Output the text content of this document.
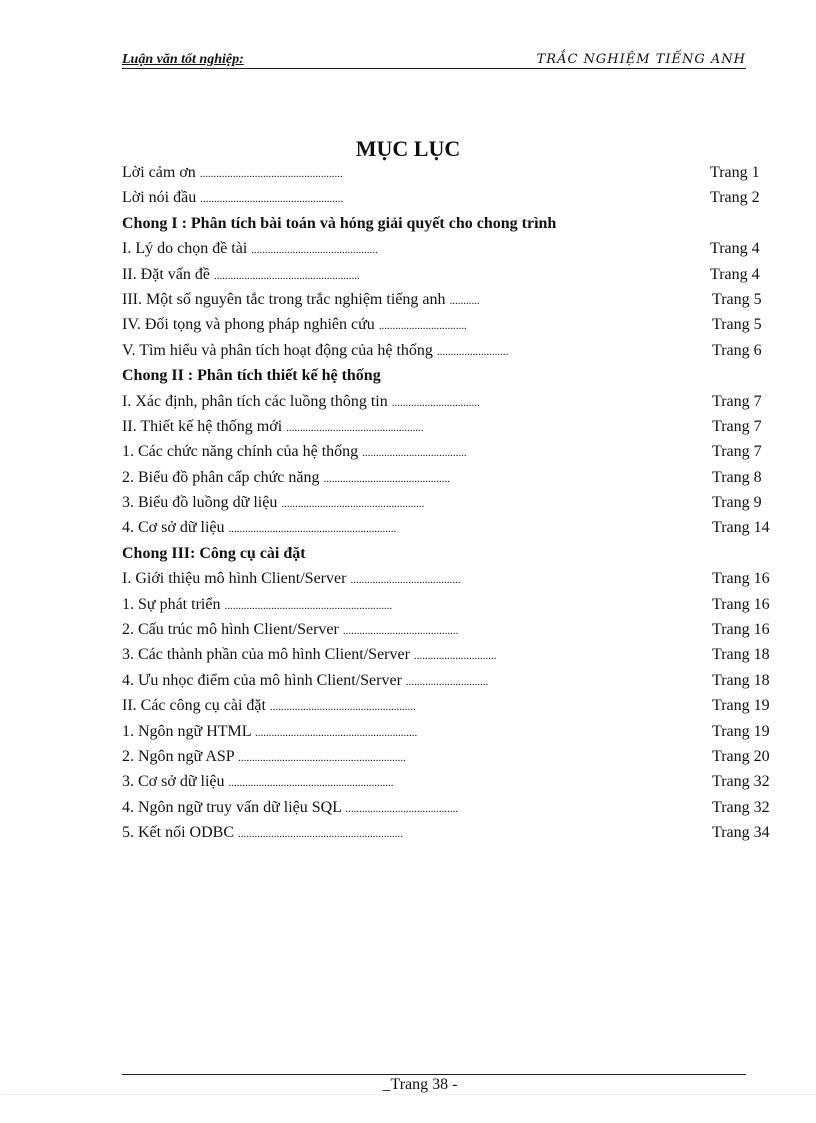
Luận văn tốt nghiệp:	TRẮC NGHIỆM TIẾNG ANH
MỤC LỤC
Lời cảm ơn ....................................................	Trang 1
Lời nói đầu ....................................................	Trang 2
Chong I : Phân tích bài toán và hóng giải quyết cho chong trình
I. Lý do chọn đề tài ..............................................	Trang 4
II. Đặt vấn đề .....................................................	Trang 4
III. Một số nguyên tắc trong trắc nghiệm tiếng anh ...........	Trang 5
IV. Đối tọng và phong pháp nghiên cứu ................................	Trang 5
V. Tìm hiểu và phân tích hoạt động của hệ thống ..........................	Trang 6
Chong II : Phân tích thiết kế hệ thống
I. Xác định, phân tích các luồng thông tin ................................	Trang 7
II. Thiết kế hệ thống mới ..................................................	Trang 7
1. Các chức năng chính của hệ thống ......................................	Trang 7
2. Biểu đồ phân cấp chức năng ..............................................	Trang 8
3. Biểu đồ luồng dữ liệu ....................................................	Trang 9
4. Cơ sở dữ liệu .............................................................	Trang 14
Chong III: Công cụ cài đặt
I. Giới thiệu mô hình Client/Server ........................................	Trang 16
1. Sự phát triển .............................................................	Trang 16
2. Cấu trúc mô hình Client/Server ..........................................	Trang 16
3. Các thành phần của mô hình Client/Server ..............................	Trang 18
4. Ưu nhọc điểm của mô hình Client/Server ..............................	Trang 18
II. Các công cụ cài đặt .....................................................	Trang 19
1. Ngôn ngữ HTML ...........................................................	Trang 19
2. Ngôn ngữ ASP .............................................................	Trang 20
3. Cơ sở dữ liệu ............................................................	Trang 32
4. Ngôn ngữ truy vấn dữ liệu SQL .........................................	Trang 32
5. Kết nối ODBC ............................................................	Trang 34
_Trang 38 -
